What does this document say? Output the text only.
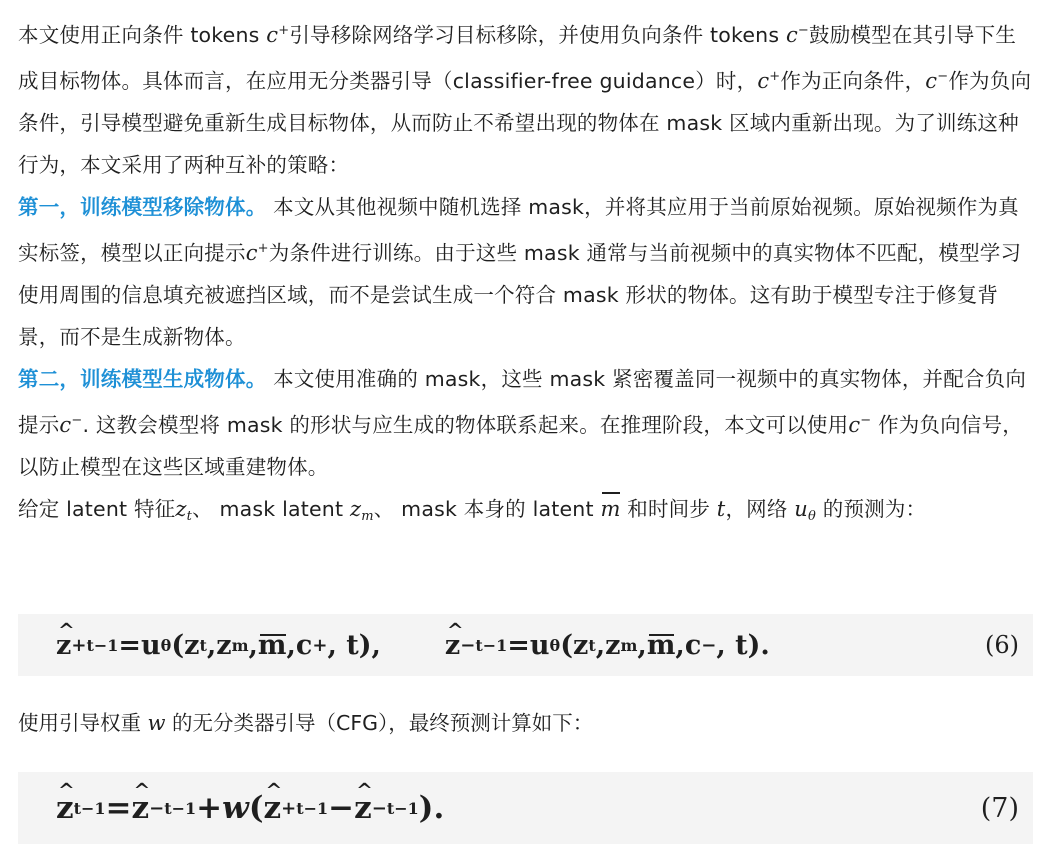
本文使用正向条件 tokens c+引导移除网络学习目标移除，并使用负向条件 tokens c−鼓励模型在其引导下生成目标物体。具体而言，在应用无分类器引导（classifier-free guidance）时，c+作为正向条件，c−作为负向条件，引导模型避免重新生成目标物体，从而防止不希望出现的物体在 mask 区域内重新出现。为了训练这种行为，本文采用了两种互补的策略：

第一，训练模型移除物体。 本文从其他视频中随机选择 mask，并将其应用于当前原始视频。原始视频作为真实标签，模型以正向提示c+为条件进行训练。由于这些 mask 通常与当前视频中的真实物体不匹配，模型学习使用周围的信息填充被遮挡区域，而不是尝试生成一个符合 mask 形状的物体。这有助于模型专注于修复背景，而不是生成新物体。

第二，训练模型生成物体。 本文使用准确的 mask，这些 mask 紧密覆盖同一视频中的真实物体，并配合负向提示c−. 这教会模型将 mask 的形状与应生成的物体联系起来。在推理阶段，本文可以使用c− 作为负向信号，以防止模型在这些区域重建物体。

给定 latent 特征$z_t$、 mask latent $z_m$、 mask 本身的 latent m 和时间步 t，网络 $u_\theta$ 的预测为：

^ z + t−1 = u θ ( z t , z m , m , c + , t), ^ z − t−1 = u θ ( z t , z m , m , c − , t).	(6)

使用引导权重 w 的无分类器引导（CFG），最终预测计算如下：

^ z t−1 = ^ z − t−1 + w ( ^ z + t−1 − ^ z − t−1 ).	(7)
